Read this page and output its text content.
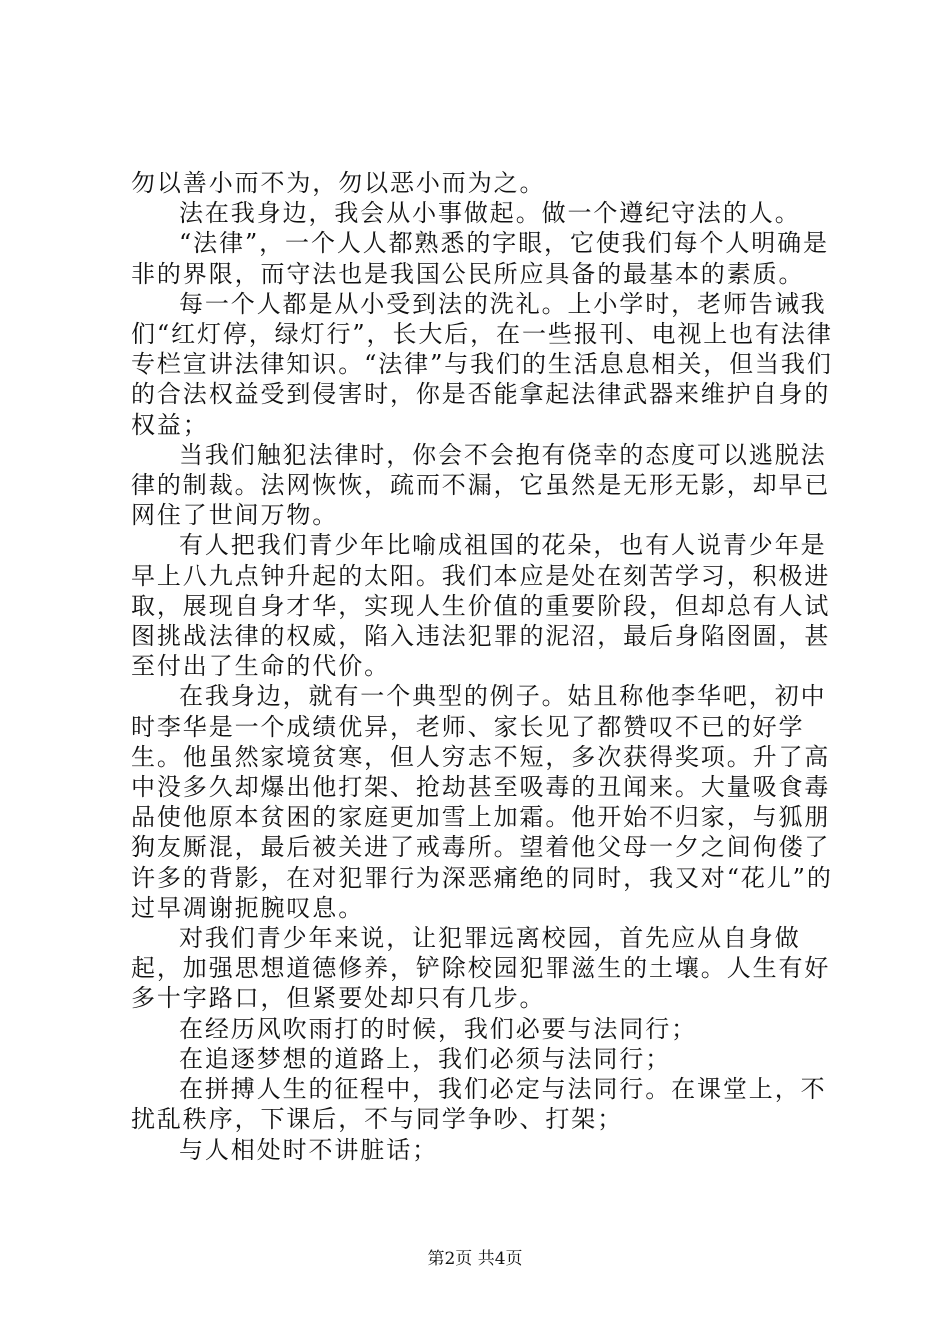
勿以善小而不为，勿以恶小而为之。

法在我身边，我会从小事做起。做一个遵纪守法的人。

“法律”，一个人人都熟悉的字眼，它使我们每个人明确是非的界限，而守法也是我国公民所应具备的最基本的素质。

每一个人都是从小受到法的洗礼。上小学时，老师告诫我们“红灯停，绿灯行”，长大后，在一些报刊、电视上也有法律专栏宣讲法律知识。“法律”与我们的生活息息相关，但当我们的合法权益受到侵害时，你是否能拿起法律武器来维护自身的权益；

当我们触犯法律时，你会不会抱有侥幸的态度可以逃脱法律的制裁。法网恢恢，疏而不漏，它虽然是无形无影，却早已网住了世间万物。

有人把我们青少年比喻成祖国的花朵，也有人说青少年是早上八九点钟升起的太阳。我们本应是处在刻苦学习，积极进取，展现自身才华，实现人生价值的重要阶段，但却总有人试图挑战法律的权威，陷入违法犯罪的泥沼，最后身陷囹圄，甚至付出了生命的代价。

在我身边，就有一个典型的例子。姑且称他李华吧，初中时李华是一个成绩优异，老师、家长见了都赞叹不已的好学生。他虽然家境贫寒，但人穷志不短，多次获得奖项。升了高中没多久却爆出他打架、抢劫甚至吸毒的丑闻来。大量吸食毒品使他原本贫困的家庭更加雪上加霜。他开始不归家，与狐朋狗友厮混，最后被关进了戒毒所。望着他父母一夕之间佝偻了许多的背影，在对犯罪行为深恶痛绝的同时，我又对“花儿”的过早凋谢扼腕叹息。

对我们青少年来说，让犯罪远离校园，首先应从自身做起，加强思想道德修养，铲除校园犯罪滋生的土壤。人生有好多十字路口，但紧要处却只有几步。

在经历风吹雨打的时候，我们必要与法同行；

在追逐梦想的道路上，我们必须与法同行；

在拼搏人生的征程中，我们必定与法同行。在课堂上，不扰乱秩序，下课后，不与同学争吵、打架；

与人相处时不讲脏话；

第2页 共4页
